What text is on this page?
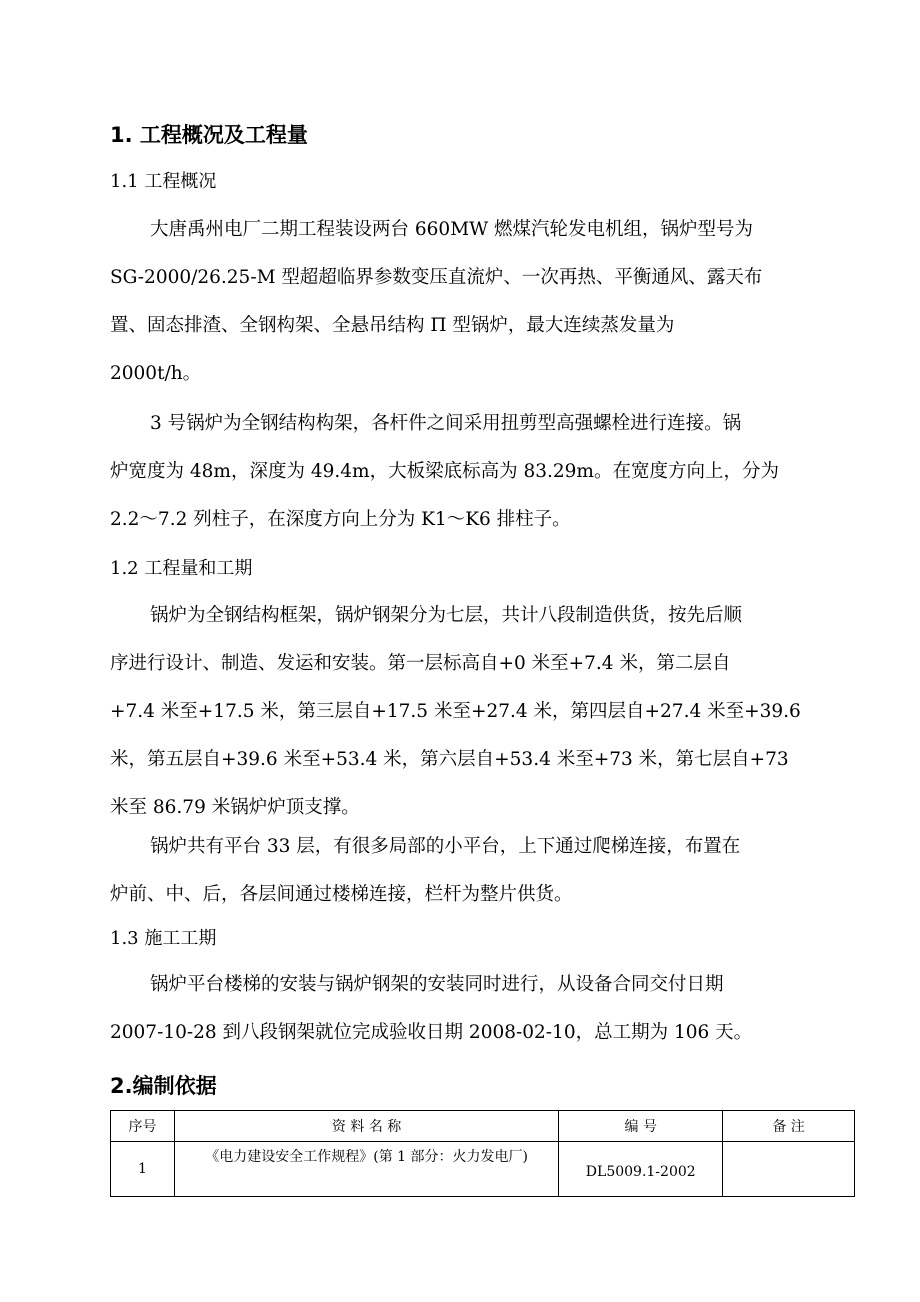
1. 工程概况及工程量
1.1 工程概况
大唐禹州电厂二期工程装设两台 660MW 燃煤汽轮发电机组，锅炉型号为
SG-2000/26.25-M 型超超临界参数变压直流炉、一次再热、平衡通风、露天布
置、固态排渣、全钢构架、全悬吊结构 Π 型锅炉，最大连续蒸发量为
2000t/h。
3 号锅炉为全钢结构构架，各杆件之间采用扭剪型高强螺栓进行连接。锅
炉宽度为 48m，深度为 49.4m，大板梁底标高为 83.29m。在宽度方向上，分为
2.2～7.2 列柱子，在深度方向上分为 K1～K6 排柱子。
1.2 工程量和工期
锅炉为全钢结构框架，锅炉钢架分为七层，共计八段制造供货，按先后顺
序进行设计、制造、发运和安装。第一层标高自+0 米至+7.4 米，第二层自
+7.4 米至+17.5 米，第三层自+17.5 米至+27.4 米，第四层自+27.4 米至+39.6
米，第五层自+39.6 米至+53.4 米，第六层自+53.4 米至+73 米，第七层自+73
米至 86.79 米锅炉炉顶支撑。
锅炉共有平台 33 层，有很多局部的小平台，上下通过爬梯连接，布置在
炉前、中、后，各层间通过楼梯连接，栏杆为整片供货。
1.3 施工工期
锅炉平台楼梯的安装与锅炉钢架的安装同时进行，从设备合同交付日期
2007-10-28 到八段钢架就位完成验收日期 2008-02-10，总工期为 106 天。
2.编制依据
序号	资 料 名 称	编 号	备 注
1	《电力建设安全工作规程》(第 1 部分：火力发电厂)	DL5009.1-2002	
